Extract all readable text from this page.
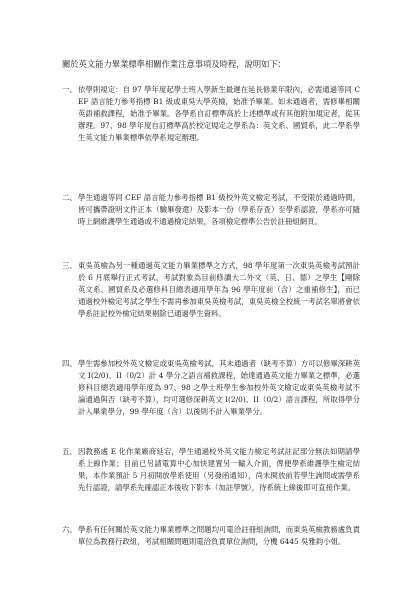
關於英文能力畢業標準相關作業注意事項及時程，說明如下：
一、 依學則規定：自 97 學年度起學士班入學新生最遲在延長修業年限內，必需通過等同 CEF 語言能力參考指標 B1 級或東吳大學英檢，始准予畢業。如未通過者，需修畢相關英語補救課程，始准予畢業。各學系自訂標準高於上述標準或有其他附加規定者，從其辦理。97、98 學年度自訂標準高於校定規定之學系為：英文系、國貿系，此二學系學生英文能力畢業標準依學系規定辦理。
二、 學生通過等同 CEF 語言能力參考指標 B1 級校外英文檢定考試，不受限於通過時間，皆可攜帶證明文件正本（驗畢發還）及影本一份（學系存查）至學系認證，學系亦可隨時上網維護學生通過或不通過檢定結果，各項檢定標準公告於註冊組網頁。
三、 東吳英檢為另一種通過英文能力畢業標準之方式，98 學年度第一次東吳英檢考試預計於 6 月底舉行正式考試，考試對象為目前修讀大二外文（英、日、德）之學生【剛除英文系、國貿系及必選修科目總表適用學年為 96 學年度前（含）之重補修生】，而已通過校外檢定考試之學生不需再參加東吳英檢考試，東吳英檢全校統一考試名單將會依學系註記校外檢定結果剔除已通過學生資料。
四、 學生需參加校外英文檢定或東吳英檢考試，其未通過者（缺考不算）方可以修畢深耕英文 I(2/0)、II（0/2）計 4 學分之語言補救課程，始達通過英文能力畢業之標準，必選修科目總表適用學年度為 97、98 之學士班學生參加校外英文檢定或東吳英檢考試不論通過與否（缺考不算），均可選修深耕英文 I(2/0)、II（0/2）語言課程，所取得學分計入畢業學分，99 學年度（含）以後則不計入畢業學分。
五、 因教務處 E 化作業廠商延宕，學生通過校外英文能力檢定考試註記部分無法如期請學系上線作業；目前已另請電算中心加快建置另一輸入介面，俾便學系維護學生檢定結果，本作業預計 5 月初開放學系使用（另發函通知），尚未開放前若學生詢問或需學系先行認證，請學系先確認正本後收下影本（加註學號），待系統上線後即可直接作業。
六、 學系有任何關於英文能力畢業標準之問題均可電洽註冊組詢問，而東吳英檢教務處負責單位為教務行政組，考試相關問題則電洽負責單位詢問，分機 6445 吳雅鈞小姐。
